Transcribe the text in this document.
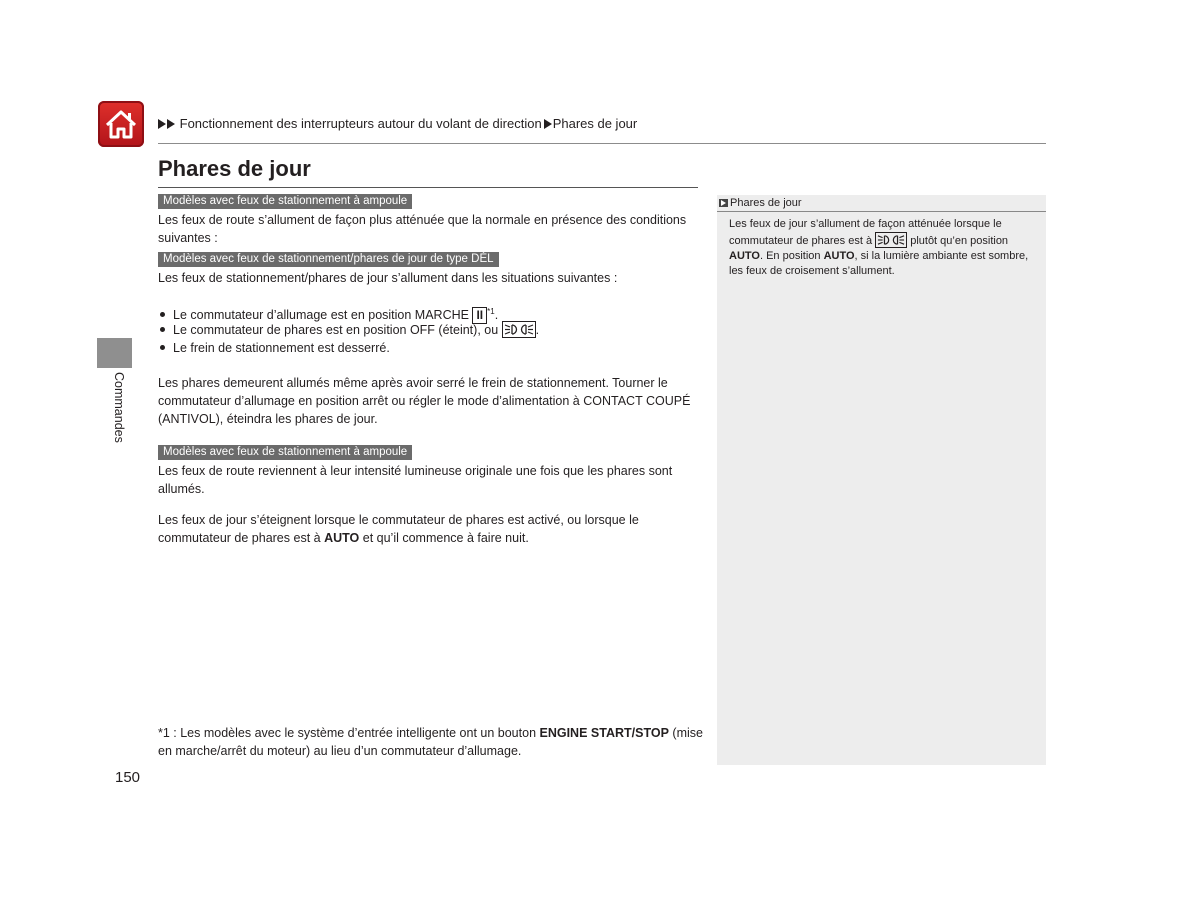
Fonctionnement des interrupteurs autour du volant de direction Phares de jour
Phares de jour
Modèles avec feux de stationnement à ampoule
Les feux de route s’allument de façon plus atténuée que la normale en présence des conditions suivantes :
Modèles avec feux de stationnement/phares de jour de type DÉL
Les feux de stationnement/phares de jour s’allument dans les situations suivantes :
Le commutateur d’allumage est en position MARCHE II $^{*1}$.
Le commutateur de phares est en position OFF (éteint), ou	.
Le frein de stationnement est desserré.
Les phares demeurent allumés même après avoir serré le frein de stationnement. Tourner le commutateur d’allumage en position arrêt ou régler le mode d’alimentation à CONTACT COUPÉ (ANTIVOL), éteindra les phares de jour.
Modèles avec feux de stationnement à ampoule
Les feux de route reviennent à leur intensité lumineuse originale une fois que les phares sont allumés.
Les feux de jour s’éteignent lorsque le commutateur de phares est activé, ou lorsque le commutateur de phares est à AUTO et qu’il commence à faire nuit.
*1 : Les modèles avec le système d’entrée intelligente ont un bouton ENGINE START/STOP (mise en marche/arrêt du moteur) au lieu d’un commutateur d’allumage.
Commandes
Phares de jour
Les feux de jour s’allument de façon atténuée lorsque le commutateur de phares est à	plutôt qu’en position AUTO. En position AUTO, si la lumière ambiante est sombre, les feux de croisement s’allument.
150
